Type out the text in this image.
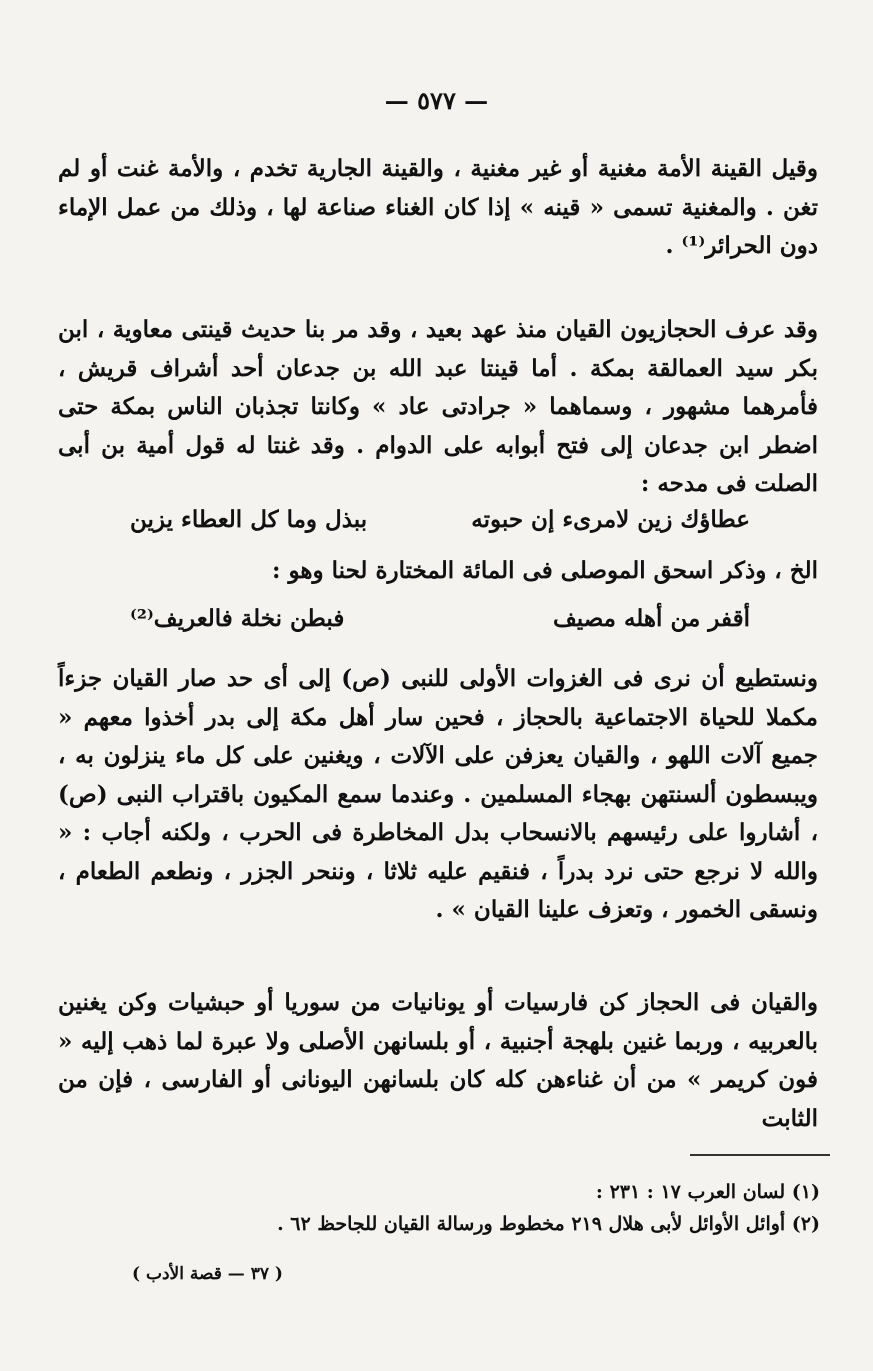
— ٥٧٧ —
وقيل القينة الأمة مغنية أو غير مغنية ، والقينة الجارية تخدم ، والأمة غنت أو لم تغن . والمغنية تسمى « قينه » إذا كان الغناء صناعة لها ، وذلك من عمل الإماء دون الحرائر⁽¹⁾ .
وقد عرف الحجازيون القيان منذ عهد بعيد ، وقد مر بنا حديث قينتى معاوية ، ابن بكر سيد العمالقة بمكة . أما قينتا عبد الله بن جدعان أحد أشراف قريش ، فأمرهما مشهور ، وسماهما « جرادتى عاد » وكانتا تجذبان الناس بمكة حتى اضطر ابن جدعان إلى فتح أبوابه على الدوام . وقد غنتا له قول أمية بن أبى الصلت فى مدحه :
عطاؤك زين لامرىء إن حبوته
ببذل وما كل العطاء يزين
الخ ، وذكر اسحق الموصلى فى المائة المختارة لحنا وهو :
أقفر من أهله مصيف
فبطن نخلة فالعريف⁽²⁾
ونستطيع أن نرى فى الغزوات الأولى للنبى (ص) إلى أى حد صار القيان جزءاً مكملا للحياة الاجتماعية بالحجاز ، فحين سار أهل مكة إلى بدر أخذوا معهم « جميع آلات اللهو ، والقيان يعزفن على الآلات ، ويغنين على كل ماء ينزلون به ، ويبسطون ألسنتهن بهجاء المسلمين . وعندما سمع المكيون باقتراب النبى (ص) ، أشاروا على رئيسهم بالانسحاب بدل المخاطرة فى الحرب ، ولكنه أجاب : « والله لا نرجع حتى نرد بدراً ، فنقيم عليه ثلاثا ، وننحر الجزر ، ونطعم الطعام ، ونسقى الخمور ، وتعزف علينا القيان » .
والقيان فى الحجاز كن فارسيات أو يونانيات من سوريا أو حبشيات وكن يغنين بالعربيه ، وربما غنين بلهجة أجنبية ، أو بلسانهن الأصلى ولا عبرة لما ذهب إليه « فون كريمر » من أن غناءهن كله كان بلسانهن اليونانى أو الفارسى ، فإن من الثابت
(١) لسان العرب ١٧ : ٢٣١ :
(٢) أوائل الأوائل لأبى هلال ٢١٩ مخطوط ورسالة القيان للجاحظ ٦٢ .
( ٣٧ — قصة الأدب )
